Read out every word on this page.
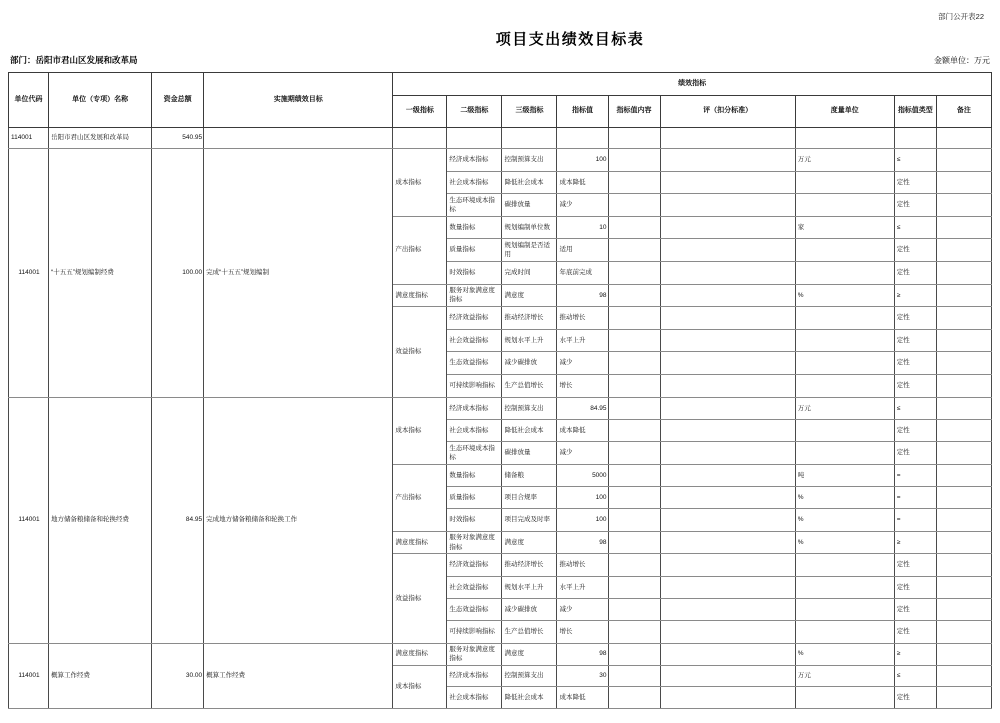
部门公开表22
项目支出绩效目标表
部门：岳阳市君山区发展和改革局	金额单位：万元
单位代码	单位（专项）名称	资金总额	实施期绩效目标	绩效指标								
				一级指标	二级指标	三级指标	指标值	指标值内容	评（扣分标准）	度量单位	指标值类型	备注
114001	岳阳市君山区发展和改革局	540.95										
114001	“十五五”规划编制经费	100.00	完成“十五五”规划编制	成本指标	经济成本指标	控制预算支出	100			万元	≤	
					社会成本指标	降低社会成本	成本降低				定性	
					生态环境成本指标	碳排放量	减少				定性	
				产出指标	数量指标	规划编制单位数	10			家	≤	
					质量指标	规划编制是否适用	适用				定性	
					时效指标	完成时间	年底前完成				定性	
				满意度指标	服务对象满意度指标	满意度	98			%	≥	
				效益指标	经济效益指标	推动经济增长	推动增长				定性	
					社会效益指标	规划水平上升	水平上升				定性	
					生态效益指标	减少碳排放	减少				定性	
					可持续影响指标	生产总值增长	增长				定性	
114001	地方储备粮储备和轮换经费	84.95	完成地方储备粮储备和轮换工作	成本指标	经济成本指标	控制预算支出	84.95			万元	≤	
					社会成本指标	降低社会成本	成本降低				定性	
					生态环境成本指标	碳排放量	减少				定性	
				产出指标	数量指标	储备粮	5000			吨	=	
					质量指标	项目合规率	100			%	=	
					时效指标	项目完成及时率	100			%	=	
				满意度指标	服务对象满意度指标	满意度	98			%	≥	
				效益指标	经济效益指标	推动经济增长	推动增长				定性	
					社会效益指标	规划水平上升	水平上升				定性	
					生态效益指标	减少碳排放	减少				定性	
					可持续影响指标	生产总值增长	增长				定性	
114001	概算工作经费	30.00	概算工作经费	满意度指标	服务对象满意度指标	满意度	98			%	≥	
				成本指标	经济成本指标	控制预算支出	30			万元	≤	
					社会成本指标	降低社会成本	成本降低				定性	
